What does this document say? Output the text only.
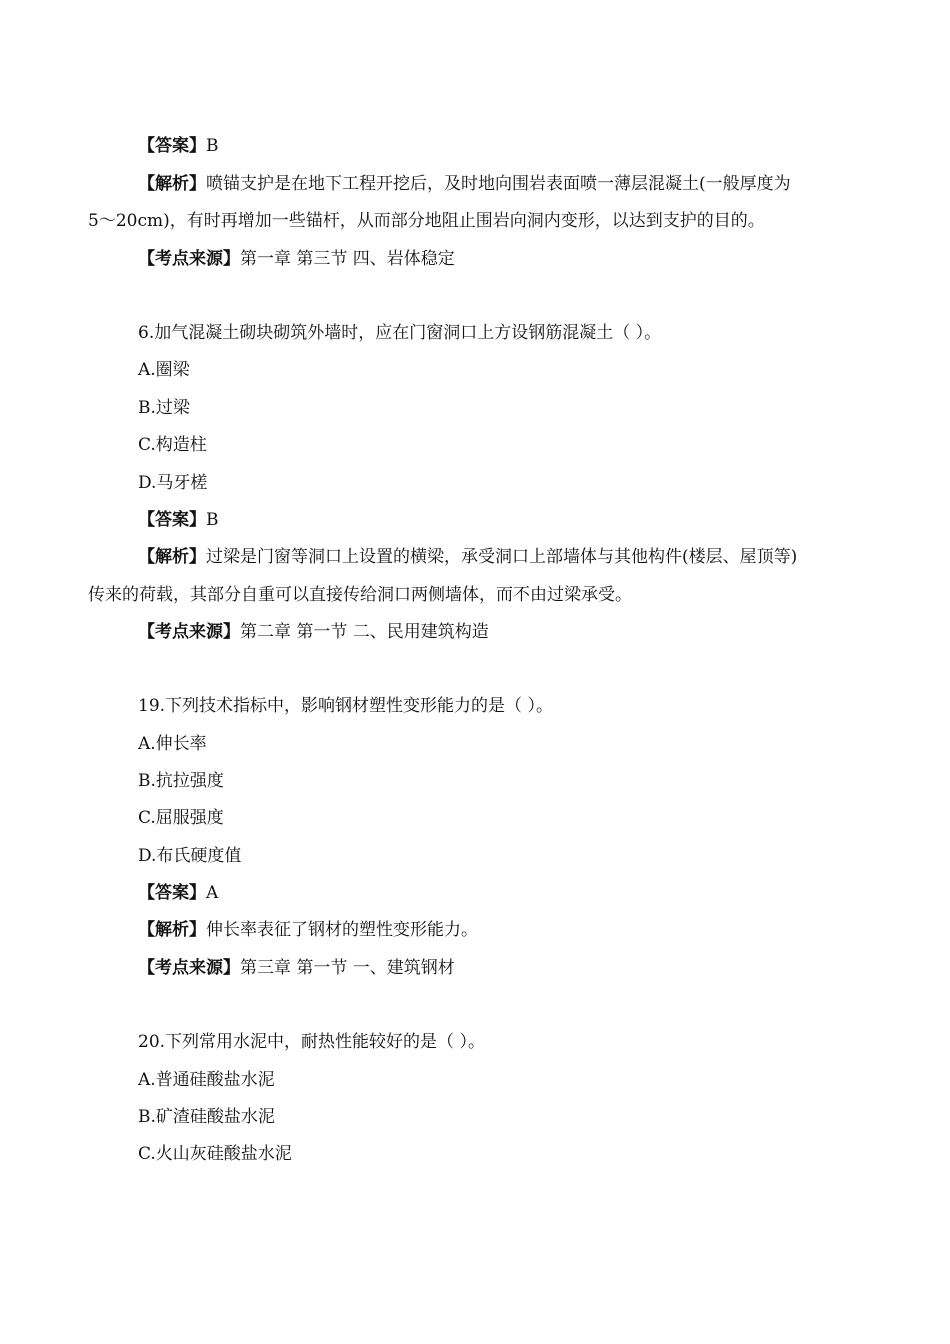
【答案】B
【解析】喷锚支护是在地下工程开挖后，及时地向围岩表面喷一薄层混凝土(一般厚度为
5～20cm)，有时再增加一些锚杆，从而部分地阻止围岩向洞内变形，以达到支护的目的。
【考点来源】第一章 第三节 四、岩体稳定
6.加气混凝土砌块砌筑外墙时，应在门窗洞口上方设钢筋混凝土（ ）。
A.圈梁
B.过梁
C.构造柱
D.马牙槎
【答案】B
【解析】过梁是门窗等洞口上设置的横梁，承受洞口上部墙体与其他构件(楼层、屋顶等)
传来的荷载，其部分自重可以直接传给洞口两侧墙体，而不由过梁承受。
【考点来源】第二章 第一节 二、民用建筑构造
19.下列技术指标中，影响钢材塑性变形能力的是（ ）。
A.伸长率
B.抗拉强度
C.屈服强度
D.布氏硬度值
【答案】A
【解析】伸长率表征了钢材的塑性变形能力。
【考点来源】第三章 第一节 一、建筑钢材
20.下列常用水泥中，耐热性能较好的是（ ）。
A.普通硅酸盐水泥
B.矿渣硅酸盐水泥
C.火山灰硅酸盐水泥
